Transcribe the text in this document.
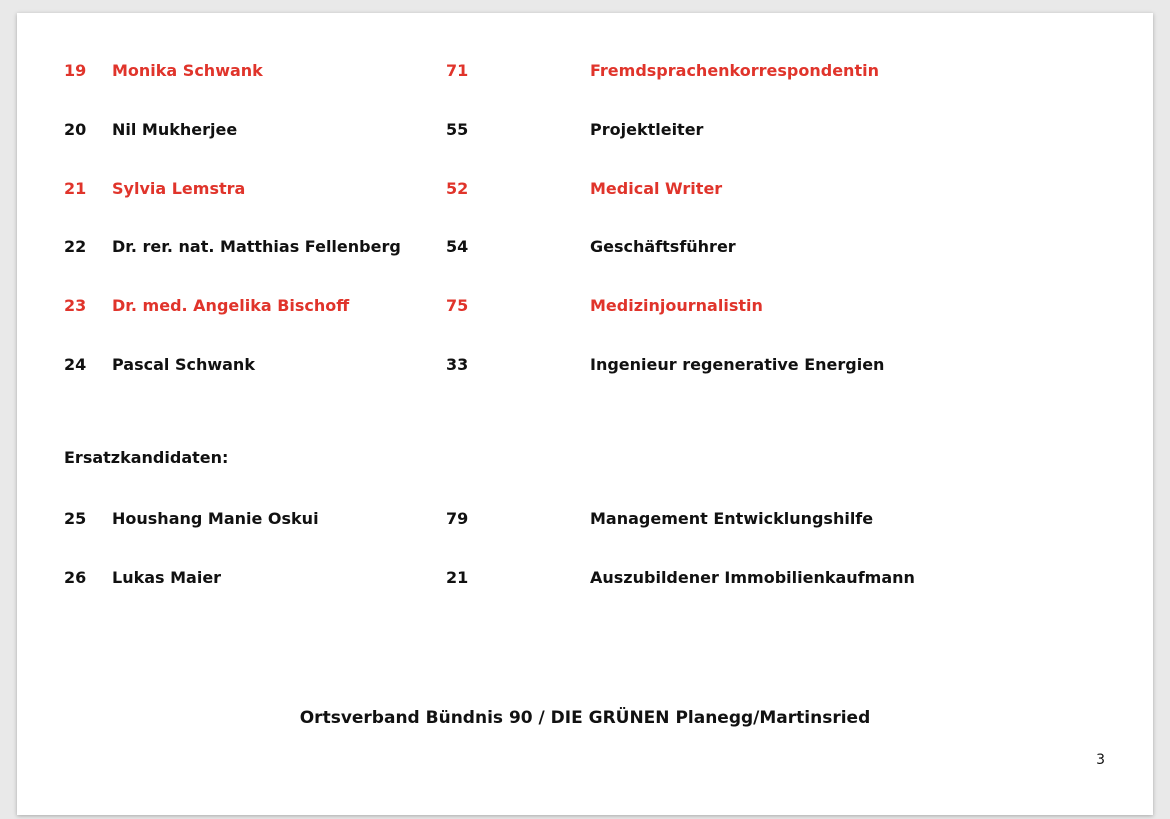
19 Monika Schwank	71	Fremdsprachenkorrespondentin
20 Nil Mukherjee	55	Projektleiter
21 Sylvia Lemstra	52	Medical Writer
22 Dr. rer. nat. Matthias Fellenberg	54	Geschäftsführer
23 Dr. med. Angelika Bischoff	75	Medizinjournalistin
24 Pascal Schwank	33	Ingenieur regenerative Energien
Ersatzkandidaten:
25 Houshang Manie Oskui	79	Management Entwicklungshilfe
26 Lukas Maier	21	Auszubildener Immobilienkaufmann
Ortsverband Bündnis 90 / DIE GRÜNEN Planegg/Martinsried
3
